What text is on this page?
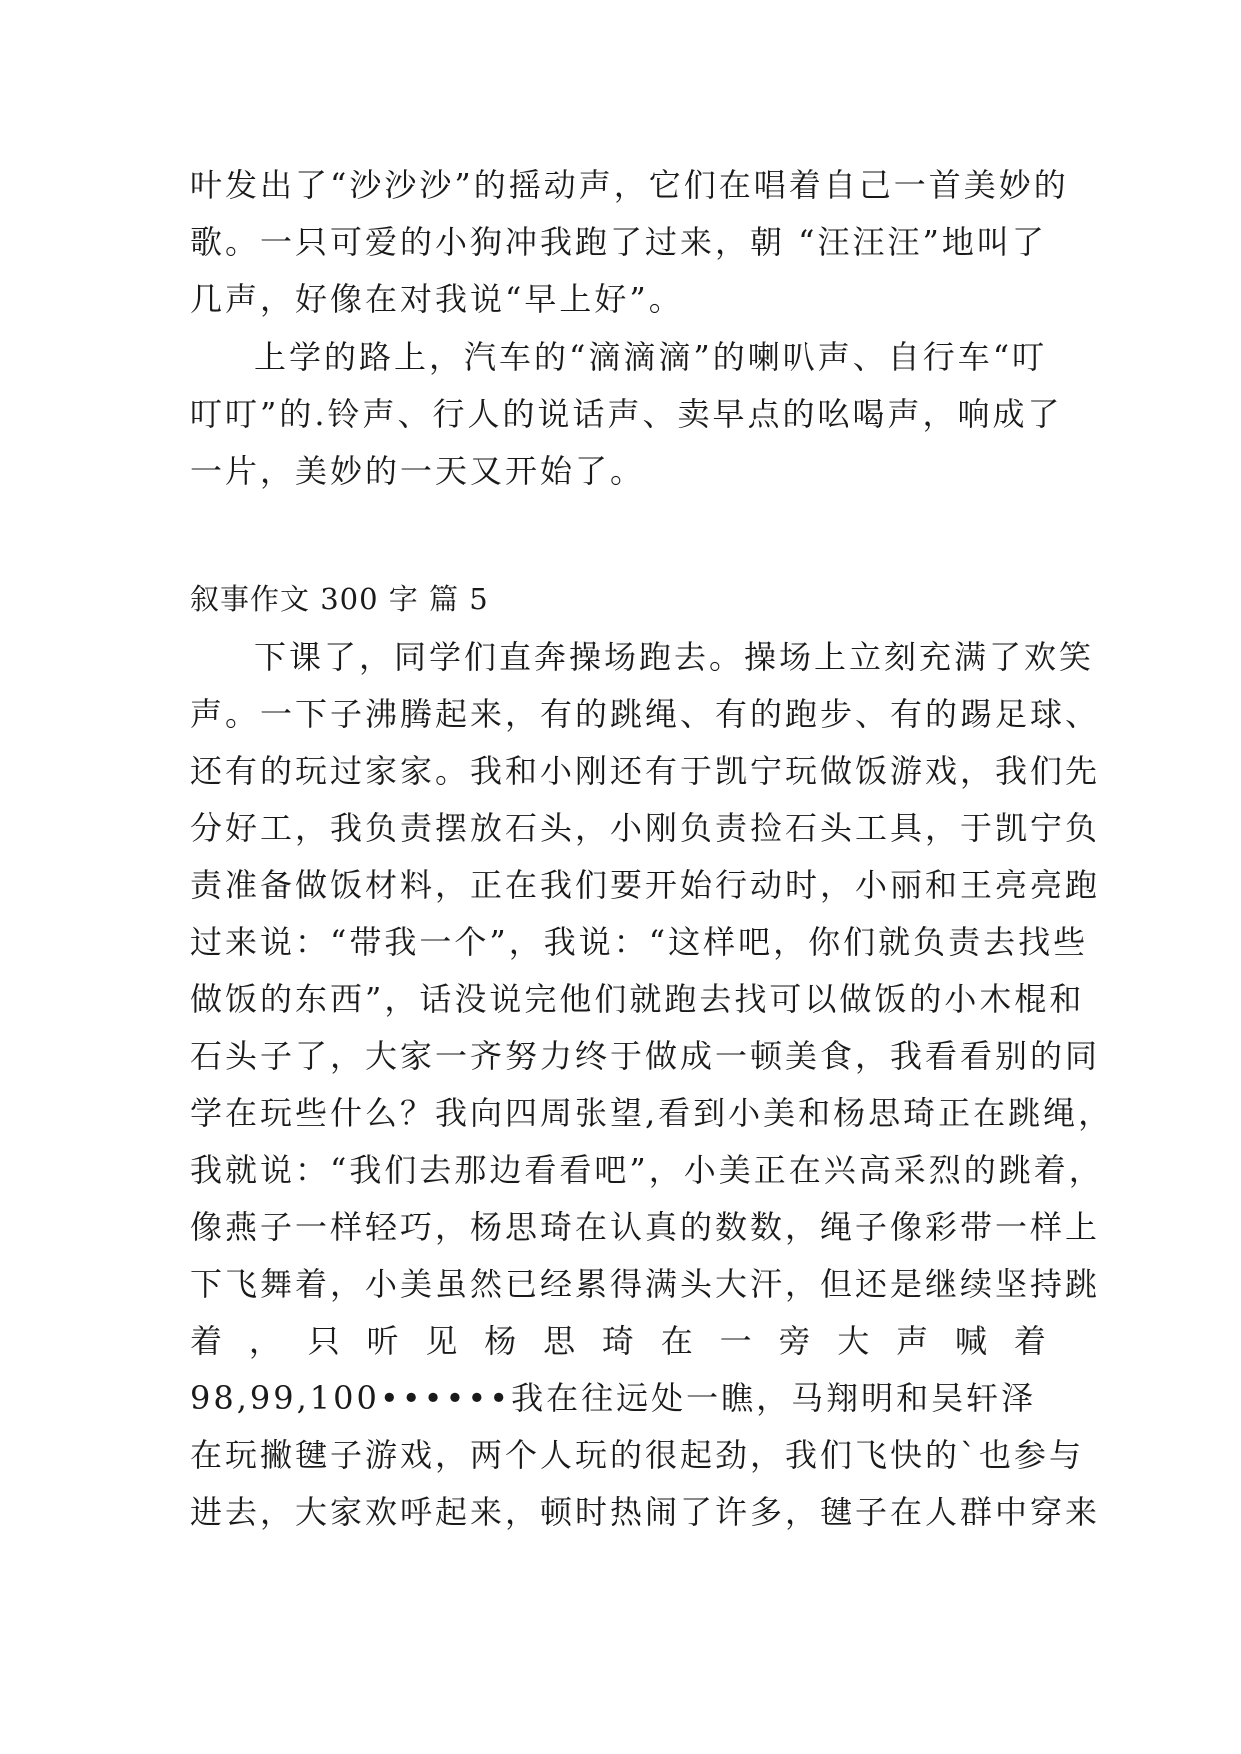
叶发出了“沙沙沙”的摇动声，它们在唱着自己一首美妙的
歌。一只可爱的小狗冲我跑了过来，朝 “汪汪汪”地叫了
几声，好像在对我说“早上好”。
上学的路上，汽车的“滴滴滴”的喇叭声、自行车“叮
叮叮”的.铃声、行人的说话声、卖早点的吆喝声，响成了
一片，美妙的一天又开始了。
叙事作文 300 字 篇 5
下课了，同学们直奔操场跑去。操场上立刻充满了欢笑
声。一下子沸腾起来，有的跳绳、有的跑步、有的踢足球、
还有的玩过家家。我和小刚还有于凯宁玩做饭游戏，我们先
分好工，我负责摆放石头，小刚负责捡石头工具，于凯宁负
责准备做饭材料，正在我们要开始行动时，小丽和王亮亮跑
过来说：“带我一个”，我说：“这样吧，你们就负责去找些
做饭的东西”，话没说完他们就跑去找可以做饭的小木棍和
石头子了，大家一齐努力终于做成一顿美食，我看看别的同
学在玩些什么？我向四周张望,看到小美和杨思琦正在跳绳，
我就说：“我们去那边看看吧”，小美正在兴高采烈的跳着，
像燕子一样轻巧，杨思琦在认真的数数，绳子像彩带一样上
下飞舞着，小美虽然已经累得满头大汗，但还是继续坚持跳
着 ， 只 听 见 杨 思 琦 在 一 旁 大 声 喊 着
98,99,100••••••我在往远处一瞧，马翔明和吴轩泽
在玩撇毽子游戏，两个人玩的很起劲，我们飞快的`也参与
进去，大家欢呼起来，顿时热闹了许多，毽子在人群中穿来
